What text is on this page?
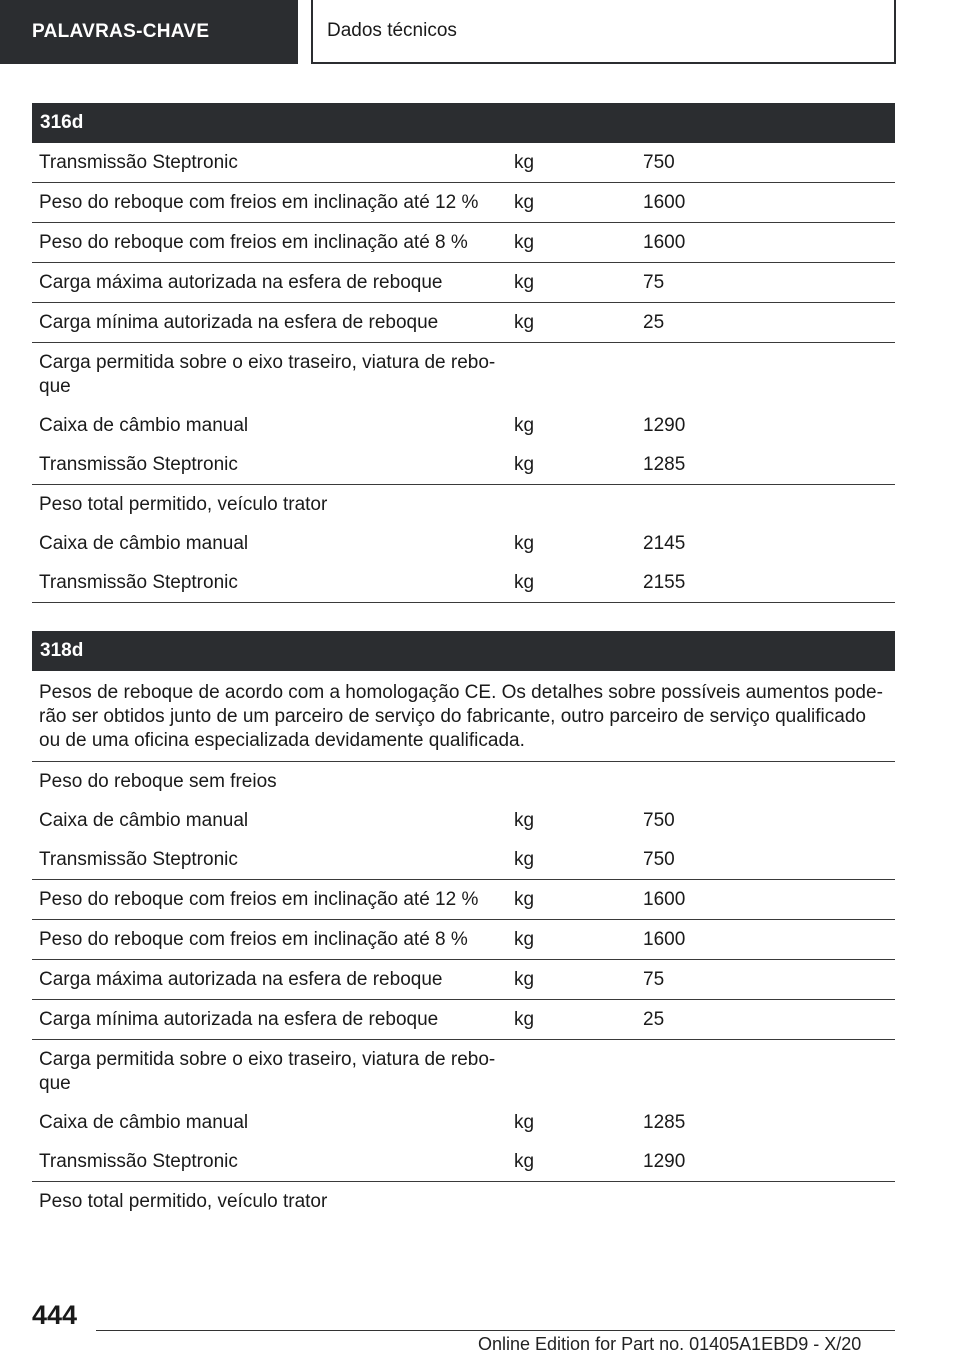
PALAVRAS-CHAVE	Dados técnicos
316d
Transmissão Steptronic	kg	750
Peso do reboque com freios em inclinação até 12 %	kg	1600
Peso do reboque com freios em inclinação até 8 %	kg	1600
Carga máxima autorizada na esfera de reboque	kg	75
Carga mínima autorizada na esfera de reboque	kg	25
Carga permitida sobre o eixo traseiro, viatura de rebo-
que
Caixa de câmbio manual	kg	1290
Transmissão Steptronic	kg	1285
Peso total permitido, veículo trator
Caixa de câmbio manual	kg	2145
Transmissão Steptronic	kg	2155
318d
Pesos de reboque de acordo com a homologação CE. Os detalhes sobre possíveis aumentos pode- rão ser obtidos junto de um parceiro de serviço do fabricante, outro parceiro de serviço qualificado ou de uma oficina especializada devidamente qualificada.
Peso do reboque sem freios
Caixa de câmbio manual	kg	750
Transmissão Steptronic	kg	750
Peso do reboque com freios em inclinação até 12 %	kg	1600
Peso do reboque com freios em inclinação até 8 %	kg	1600
Carga máxima autorizada na esfera de reboque	kg	75
Carga mínima autorizada na esfera de reboque	kg	25
Carga permitida sobre o eixo traseiro, viatura de rebo-
que
Caixa de câmbio manual	kg	1285
Transmissão Steptronic	kg	1290
Peso total permitido, veículo trator
444
Online Edition for Part no. 01405A1EBD9 - X/20
